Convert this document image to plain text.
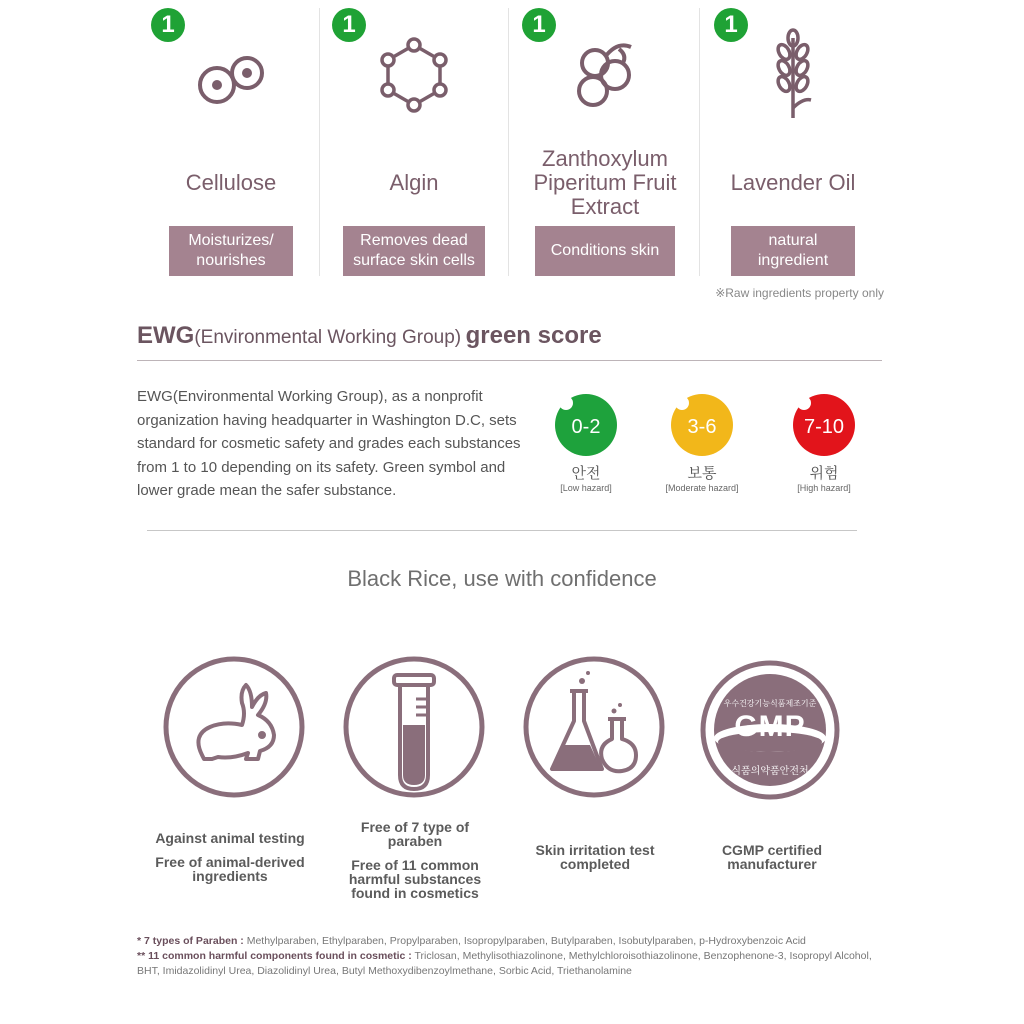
1
Cellulose
Moisturizes/
nourishes
1
Algin
Removes dead
surface skin cells
1
Zanthoxylum
Piperitum Fruit
Extract
Conditions skin
1
Lavender Oil
natural
ingredient
※Raw ingredients property only
EWG(Environmental Working Group) green score
EWG(Environmental Working Group), as a nonprofit organization having headquarter in Washington D.C, sets standard for cosmetic safety and grades each substances from 1 to 10 depending on its safety. Green symbol and lower grade mean the safer substance.
0-2
안전
[Low hazard]
3-6
보통
[Moderate hazard]
7-10
위험
[High hazard]
Black Rice, use with confidence
우수건강기능식품제조기준
GMP
식품의약품안전처
Against animal testing
Free of animal-derived ingredients
Free of 7 type of paraben
Free of 11 common harmful substances found in cosmetics
Skin irritation test completed
CGMP certified manufacturer
* 7 types of Paraben : Methylparaben, Ethylparaben, Propylparaben, Isopropylparaben, Butylparaben, Isobutylparaben, p-Hydroxybenzoic Acid
** 11 common harmful components found in cosmetic : Triclosan, Methylisothiazolinone, Methylchloroisothiazolinone, Benzophenone-3, Isopropyl Alcohol, BHT, Imidazolidinyl Urea, Diazolidinyl Urea, Butyl Methoxydibenzoylmethane, Sorbic Acid, Triethanolamine
